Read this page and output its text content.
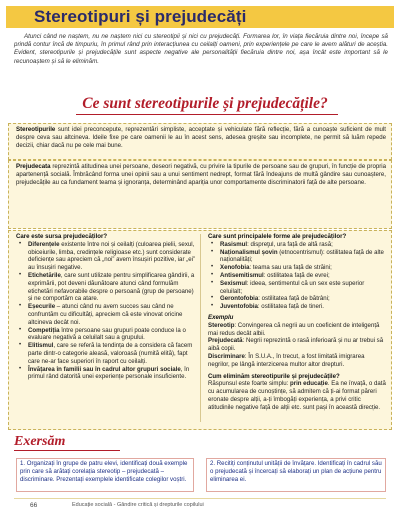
Stereotipuri și prejudecăți
Atunci când ne naștem, nu ne naștem nici cu stereotipii și nici cu prejudecăți. Formarea lor, în viața fiecăruia dintre noi, începe să prindă contur încă de timpuriu, în primul rând prin interacțiunea cu ceilalți oameni, prin experiențele pe care le avem alături de aceștia. Evident, stereotipurile și prejudecățile sunt aspecte negative ale personalității fiecăruia dintre noi, așa încât este important să le recunoaștem și să le eliminăm.
Ce sunt stereotipurile și prejudecățile?
Stereotipurile sunt idei preconcepute, reprezentări simpliste, acceptate și vehiculate fără reflecție, fără a cunoaște suficient de mult despre ceva sau altcineva. Ideile fixe pe care oamenii le au în acest sens, adesea greșite sau incomplete, ne permit să luăm repede decizii, chiar dacă nu pe cele mai bune.
Prejudecata reprezintă atitudinea unei persoane, deseori negativă, cu privire la tipurile de persoane sau de grupuri, în funcție de propria apartenență socială. Îmbrăcând forma unei opinii sau a unui sentiment nedrept, format fără îndeajuns de multă gândire sau cunoaștere, prejudecățile au ca fundament teama și ignoranța, determinând apariția unor comportamente discriminatorii față de alte persoane.
Care este sursa prejudecăților?
• Diferențele existente între noi și ceilalți (culoarea pielii, sexul, obiceiurile, limba, credințele religioase etc.) sunt considerate deficiențe sau apreciem că „noi” avem însușiri pozitive, iar „ei” au însușiri negative.
• Etichetările, care sunt utilizate pentru simplificarea gândirii, a exprimării, pot deveni dăunătoare atunci când formulăm etichetări nefavorabile despre o persoană (grup de persoane) și ne comportăm ca atare.
• Eșecurile – atunci când nu avem succes sau când ne confruntăm cu dificultăți, apreciem că este vinovat oricine altcineva decât noi.
• Competiția între persoane sau grupuri poate conduce la o evaluare negativă a celuilalt sau a grupului.
• Elitismul, care se referă la tendința de a considera că facem parte dintr-o categorie aleasă, valoroasă (numită elită), fapt care ne-ar face superiori în raport cu ceilalți.
• Învățarea în familii sau în cadrul altor grupuri sociale, în primul rând datorită unei experiențe personale insuficiente.
Care sunt principalele forme ale prejudecăților?
• Rasismul: dispreţul, ura față de altă rasă;
• Naționalismul șovin (etnocentrismul): ostilitatea față de alte naționalități;
• Xenofobia: teama sau ura față de străini;
• Antisemitismul: ostilitatea față de evrei;
• Sexismul: ideea, sentimentul că un sex este superior celuilalt;
• Gerontofobia: ostilitatea față de bătrâni;
• Juventofobia: ostilitatea față de tineri.
Exemplu
Stereotip: Convingerea că negrii au un coeficient de inteligență mai redus decât albii.
Prejudecată: Negrii reprezintă o rasă inferioară și nu ar trebui să aibă copii.
Discriminare: În S.U.A., în trecut, a fost limitată imigrarea negrilor, pe lângă interzicerea multor altor drepturi.
Cum eliminăm stereotipurile și prejudecățile?
Răspunsul este foarte simplu: prin educație. Ea ne învață, o dată cu acumularea de cunoștințe, să admitem că ți-ai format păreri eronate despre alții, a-ți îmbogăți experiența, a privi critic atitudinile negative față de alții etc. sunt pași în această direcție.
Exersăm
1. Organizați în grupe de patru elevi, identificați două exemple prin care să arătați corelația stereotip – prejudecată – discriminare. Prezentați exemplele identificate colegilor voștri.
2. Recitiți conținutul unității de învățare. Identificați în cadrul său o prejudecată și încercați să elaborați un plan de acțiune pentru eliminarea ei.
66	Educație socială - Gândire critică și drepturile copilului
